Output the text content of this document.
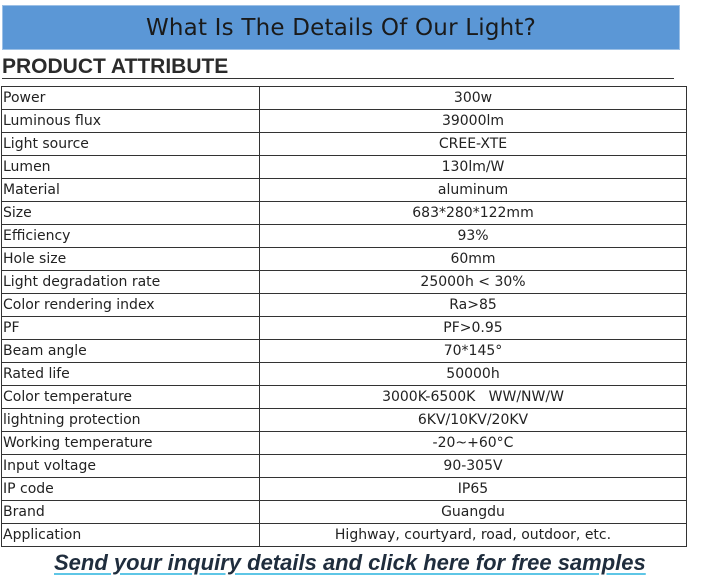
What Is The Details Of Our Light?
PRODUCT ATTRIBUTE
Power	300w
Luminous flux	39000lm
Light source	CREE-XTE
Lumen	130lm/W
Material	aluminum
Size	683*280*122mm
Efficiency	93%
Hole size	60mm
Light degradation rate	25000h < 30%
Color rendering index	Ra>85
PF	PF>0.95
Beam angle	70*145°
Rated life	50000h
Color temperature	3000K-6500K   WW/NW/W
lightning protection	6KV/10KV/20KV
Working temperature	-20~+60°C
Input voltage	90-305V
IP code	IP65
Brand	Guangdu
Application	Highway, courtyard, road, outdoor, etc.
Send your inquiry details and click here for free samples
